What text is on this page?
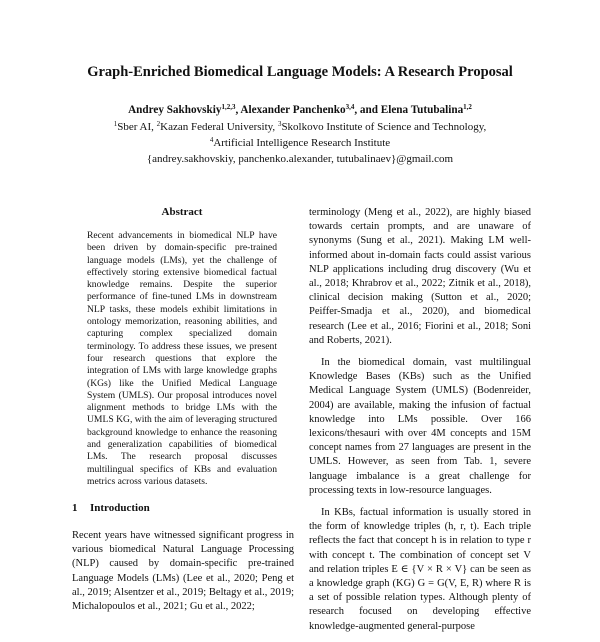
Graph-Enriched Biomedical Language Models: A Research Proposal
Andrey Sakhovskiy$^{1,2,3}$, Alexander Panchenko$^{3,4}$, and Elena Tutubalina$^{1,2}$
$^1$Sber AI, $^2$Kazan Federal University, $^3$Skolkovo Institute of Science and Technology,
$^4$Artificial Intelligence Research Institute
{andrey.sakhovskiy, panchenko.alexander, tutubalinaev}@gmail.com
Abstract

Recent advancements in biomedical NLP have been driven by domain-specific pre-trained language models (LMs), yet the challenge of effectively storing extensive biomedical factual knowledge remains. Despite the superior performance of fine-tuned LMs in downstream NLP tasks, these models exhibit limitations in ontology memorization, reasoning abilities, and capturing complex specialized domain terminology. To address these issues, we present four research questions that explore the integration of LMs with large knowledge graphs (KGs) like the Unified Medical Language System (UMLS). Our proposal introduces novel alignment methods to bridge LMs with the UMLS KG, with the aim of leveraging structured background knowledge to enhance the reasoning and generalization capabilities of biomedical LMs. The research proposal discusses multilingual specifics of KBs and evaluation metrics across various datasets.

1 Introduction

Recent years have witnessed significant progress in various biomedical Natural Language Processing (NLP) caused by domain-specific pre-trained Language Models (LMs) (Lee et al., 2020; Peng et al., 2019; Alsentzer et al., 2019; Beltagy et al., 2019; Michalopoulos et al., 2021; Gu et al., 2022;

terminology (Meng et al., 2022), are highly biased towards certain prompts, and are unaware of synonyms (Sung et al., 2021). Making LM well-informed about in-domain facts could assist various NLP applications including drug discovery (Wu et al., 2018; Khrabrov et al., 2022; Zitnik et al., 2018), clinical decision making (Sutton et al., 2020; Peiffer-Smadja et al., 2020), and biomedical research (Lee et al., 2016; Fiorini et al., 2018; Soni and Roberts, 2021).

In the biomedical domain, vast multilingual Knowledge Bases (KBs) such as the Unified Medical Language System (UMLS) (Bodenreider, 2004) are available, making the infusion of factual knowledge into LMs possible. Over 166 lexicons/thesauri with over 4M concepts and 15M concept names from 27 languages are present in the UMLS. However, as seen from Tab. 1, severe language imbalance is a great challenge for processing texts in low-resource languages.

In KBs, factual information is usually stored in the form of knowledge triples (h, r, t). Each triple reflects the fact that concept h is in relation to type r with concept t. The combination of concept set V and relation triples E ∈ {V × R × V} can be seen as a knowledge graph (KG) G = G(V, E, R) where R is a set of possible relation types. Although plenty of research focused on developing effective knowledge-augmented general-purpose
